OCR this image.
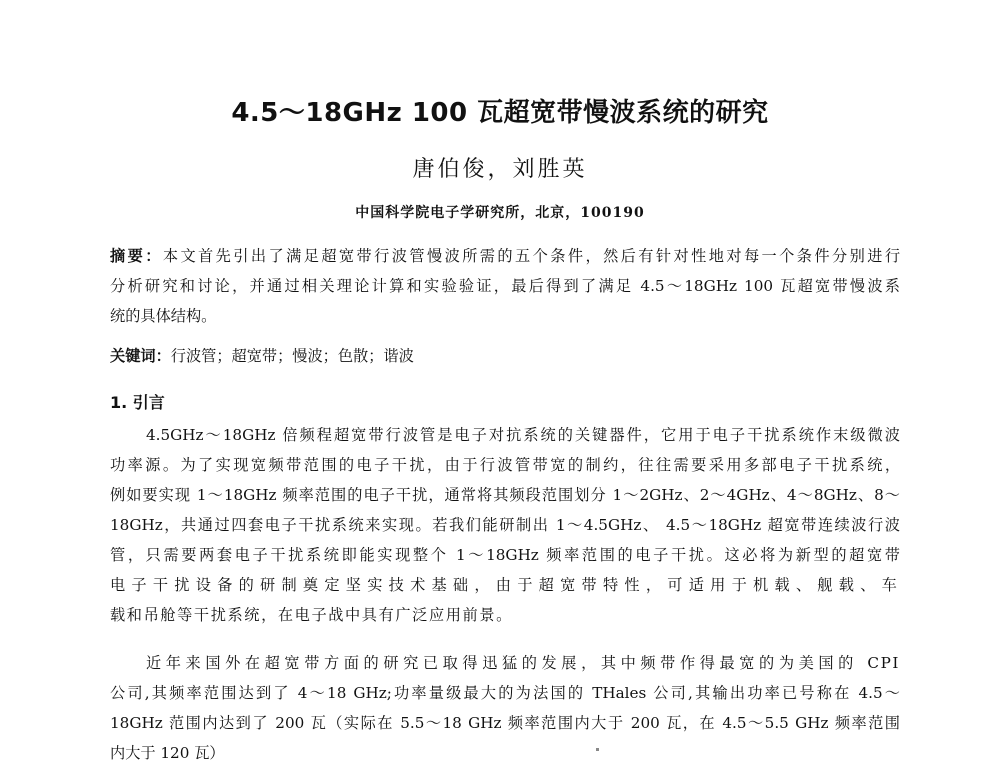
4.5～18GHz 100 瓦超宽带慢波系统的研究
唐伯俊，刘胜英
中国科学院电子学研究所，北京，100190
摘要：本文首先引出了满足超宽带行波管慢波所需的五个条件，然后有针对性地对每一个条件分别进行
分析研究和讨论，并通过相关理论计算和实验验证，最后得到了满足 4.5～18GHz 100 瓦超宽带慢波系
统的具体结构。
关键词：行波管；超宽带；慢波；色散；谐波
1. 引言
4.5GHz～18GHz 倍频程超宽带行波管是电子对抗系统的关键器件，它用于电子干扰系统作末级微波
功率源。为了实现宽频带范围的电子干扰，由于行波管带宽的制约，往往需要采用多部电子干扰系统，
例如要实现 1～18GHz 频率范围的电子干扰，通常将其频段范围划分 1～2GHz、2～4GHz、4～8GHz、8～
18GHz，共通过四套电子干扰系统来实现。若我们能研制出 1～4.5GHz、 4.5～18GHz 超宽带连续波行波
管，只需要两套电子干扰系统即能实现整个 1～18GHz 频率范围的电子干扰。这必将为新型的超宽带
电子干扰设备的研制奠定坚实技术基础，由于超宽带特性，可适用于机载、舰载、车
载和吊舱等干扰系统，在电子战中具有广泛应用前景。
近年来国外在超宽带方面的研究已取得迅猛的发展，其中频带作得最宽的为美国的 CPI
公司,其频率范围达到了 4～18 GHz;功率量级最大的为法国的 THales 公司,其输出功率已号称在 4.5～
18GHz 范围内达到了 200 瓦（实际在 5.5～18 GHz 频率范围内大于 200 瓦，在 4.5～5.5 GHz 频率范围
内大于 120 瓦）
